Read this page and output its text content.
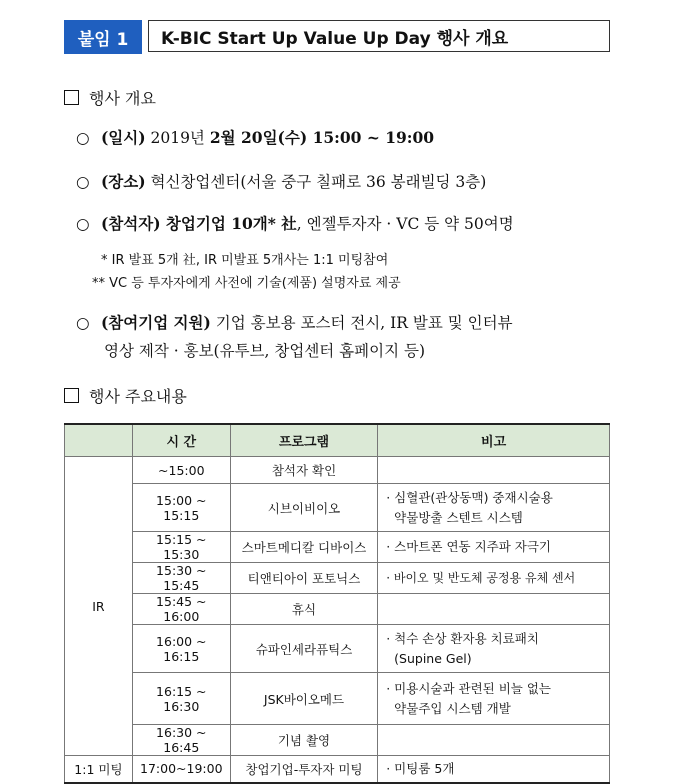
붙임 1	K-BIC Start Up Value Up Day 행사 개요
행사 개요
○ (일시) 2019년 2월 20일(수) 15:00 ~ 19:00
○ (장소) 혁신창업센터(서울 중구 칠패로 36 봉래빌딩 3층)
○ (참석자) 창업기업 10개* 社, 엔젤투자자 · VC 등 약 50여명
* IR 발표 5개 社, IR 미발표 5개사는 1:1 미팅참여
** VC 등 투자자에게 사전에 기술(제품) 설명자료 제공
○ (참여기업 지원) 기업 홍보용 포스터 전시, IR 발표 및 인터뷰
영상 제작 · 홍보(유투브, 창업센터 홈페이지 등)
행사 주요내용
	시 간	프로그램	비고
IR	~15:00	참석자 확인	
	15:00 ~ 15:15	시브이비이오	· 심혈관(관상동맥) 중재시술용
약물방출 스텐트 시스템
	15:15 ~ 15:30	스마트메디칼 디바이스	· 스마트폰 연동 지주파 자극기
	15:30 ~ 15:45	티앤티아이 포토닉스	· 바이오 및 반도체 공정용 유체 센서
	15:45 ~ 16:00	휴식	
	16:00 ~ 16:15	슈파인세라퓨틱스	· 척수 손상 환자용 치료패치
(Supine Gel)
	16:15 ~ 16:30	JSK바이오메드	· 미용시술과 관련된 비늘 없는
약물주입 시스템 개발
	16:30 ~ 16:45	기념 촬영	
1:1 미팅	17:00~19:00	창업기업-투자자 미팅	· 미팅룸 5개
